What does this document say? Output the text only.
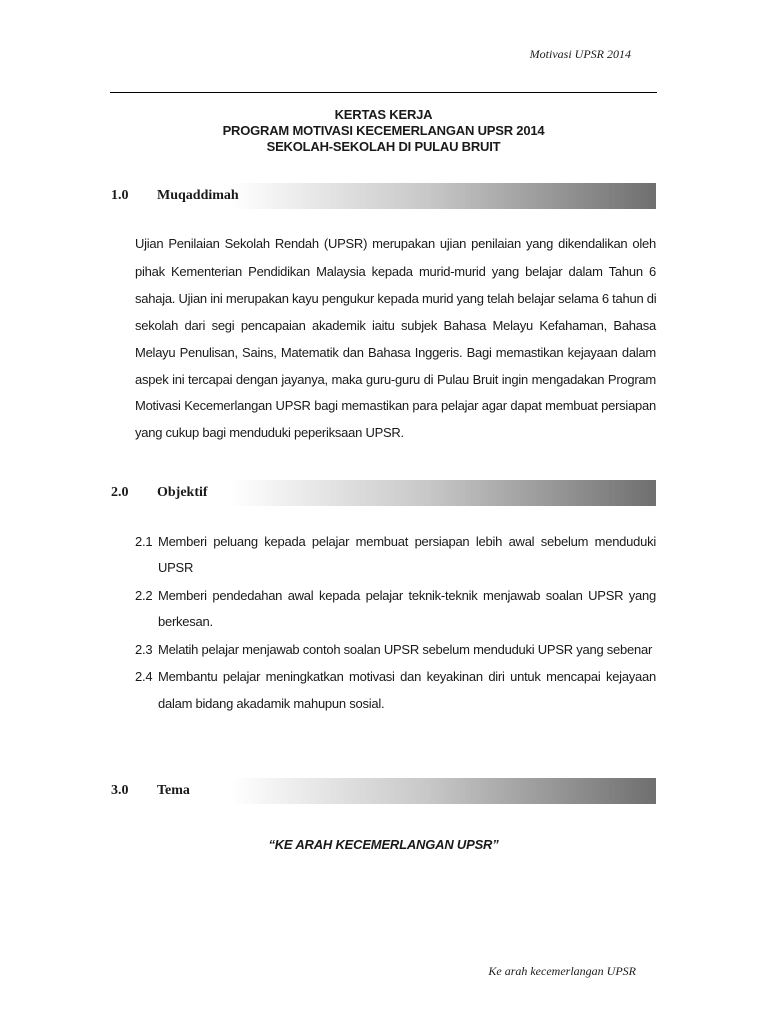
Motivasi UPSR 2014
KERTAS KERJA
PROGRAM MOTIVASI KECEMERLANGAN UPSR 2014
SEKOLAH-SEKOLAH DI PULAU BRUIT
1.0 Muqaddimah
Ujian Penilaian Sekolah Rendah (UPSR) merupakan ujian penilaian yang dikendalikan oleh
pihak Kementerian Pendidikan Malaysia kepada murid-murid yang belajar dalam Tahun 6
sahaja. Ujian ini merupakan kayu pengukur kepada murid yang telah belajar selama 6 tahun di
sekolah dari segi pencapaian akademik iaitu subjek Bahasa Melayu Kefahaman, Bahasa
Melayu Penulisan, Sains, Matematik dan Bahasa Inggeris. Bagi memastikan kejayaan dalam
aspek ini tercapai dengan jayanya, maka guru-guru di Pulau Bruit ingin mengadakan Program
Motivasi Kecemerlangan UPSR bagi memastikan para pelajar agar dapat membuat persiapan
yang cukup bagi menduduki peperiksaan UPSR.
2.0 Objektif
2.1 Memberi peluang kepada pelajar membuat persiapan lebih awal sebelum menduduki
UPSR
2.2 Memberi pendedahan awal kepada pelajar teknik-teknik menjawab soalan UPSR yang
berkesan.
2.3 Melatih pelajar menjawab contoh soalan UPSR sebelum menduduki UPSR yang sebenar
2.4 Membantu pelajar meningkatkan motivasi dan keyakinan diri untuk mencapai kejayaan
dalam bidang akadamik mahupun sosial.
3.0 Tema
“KE ARAH KECEMERLANGAN UPSR”
Ke arah kecemerlangan UPSR
